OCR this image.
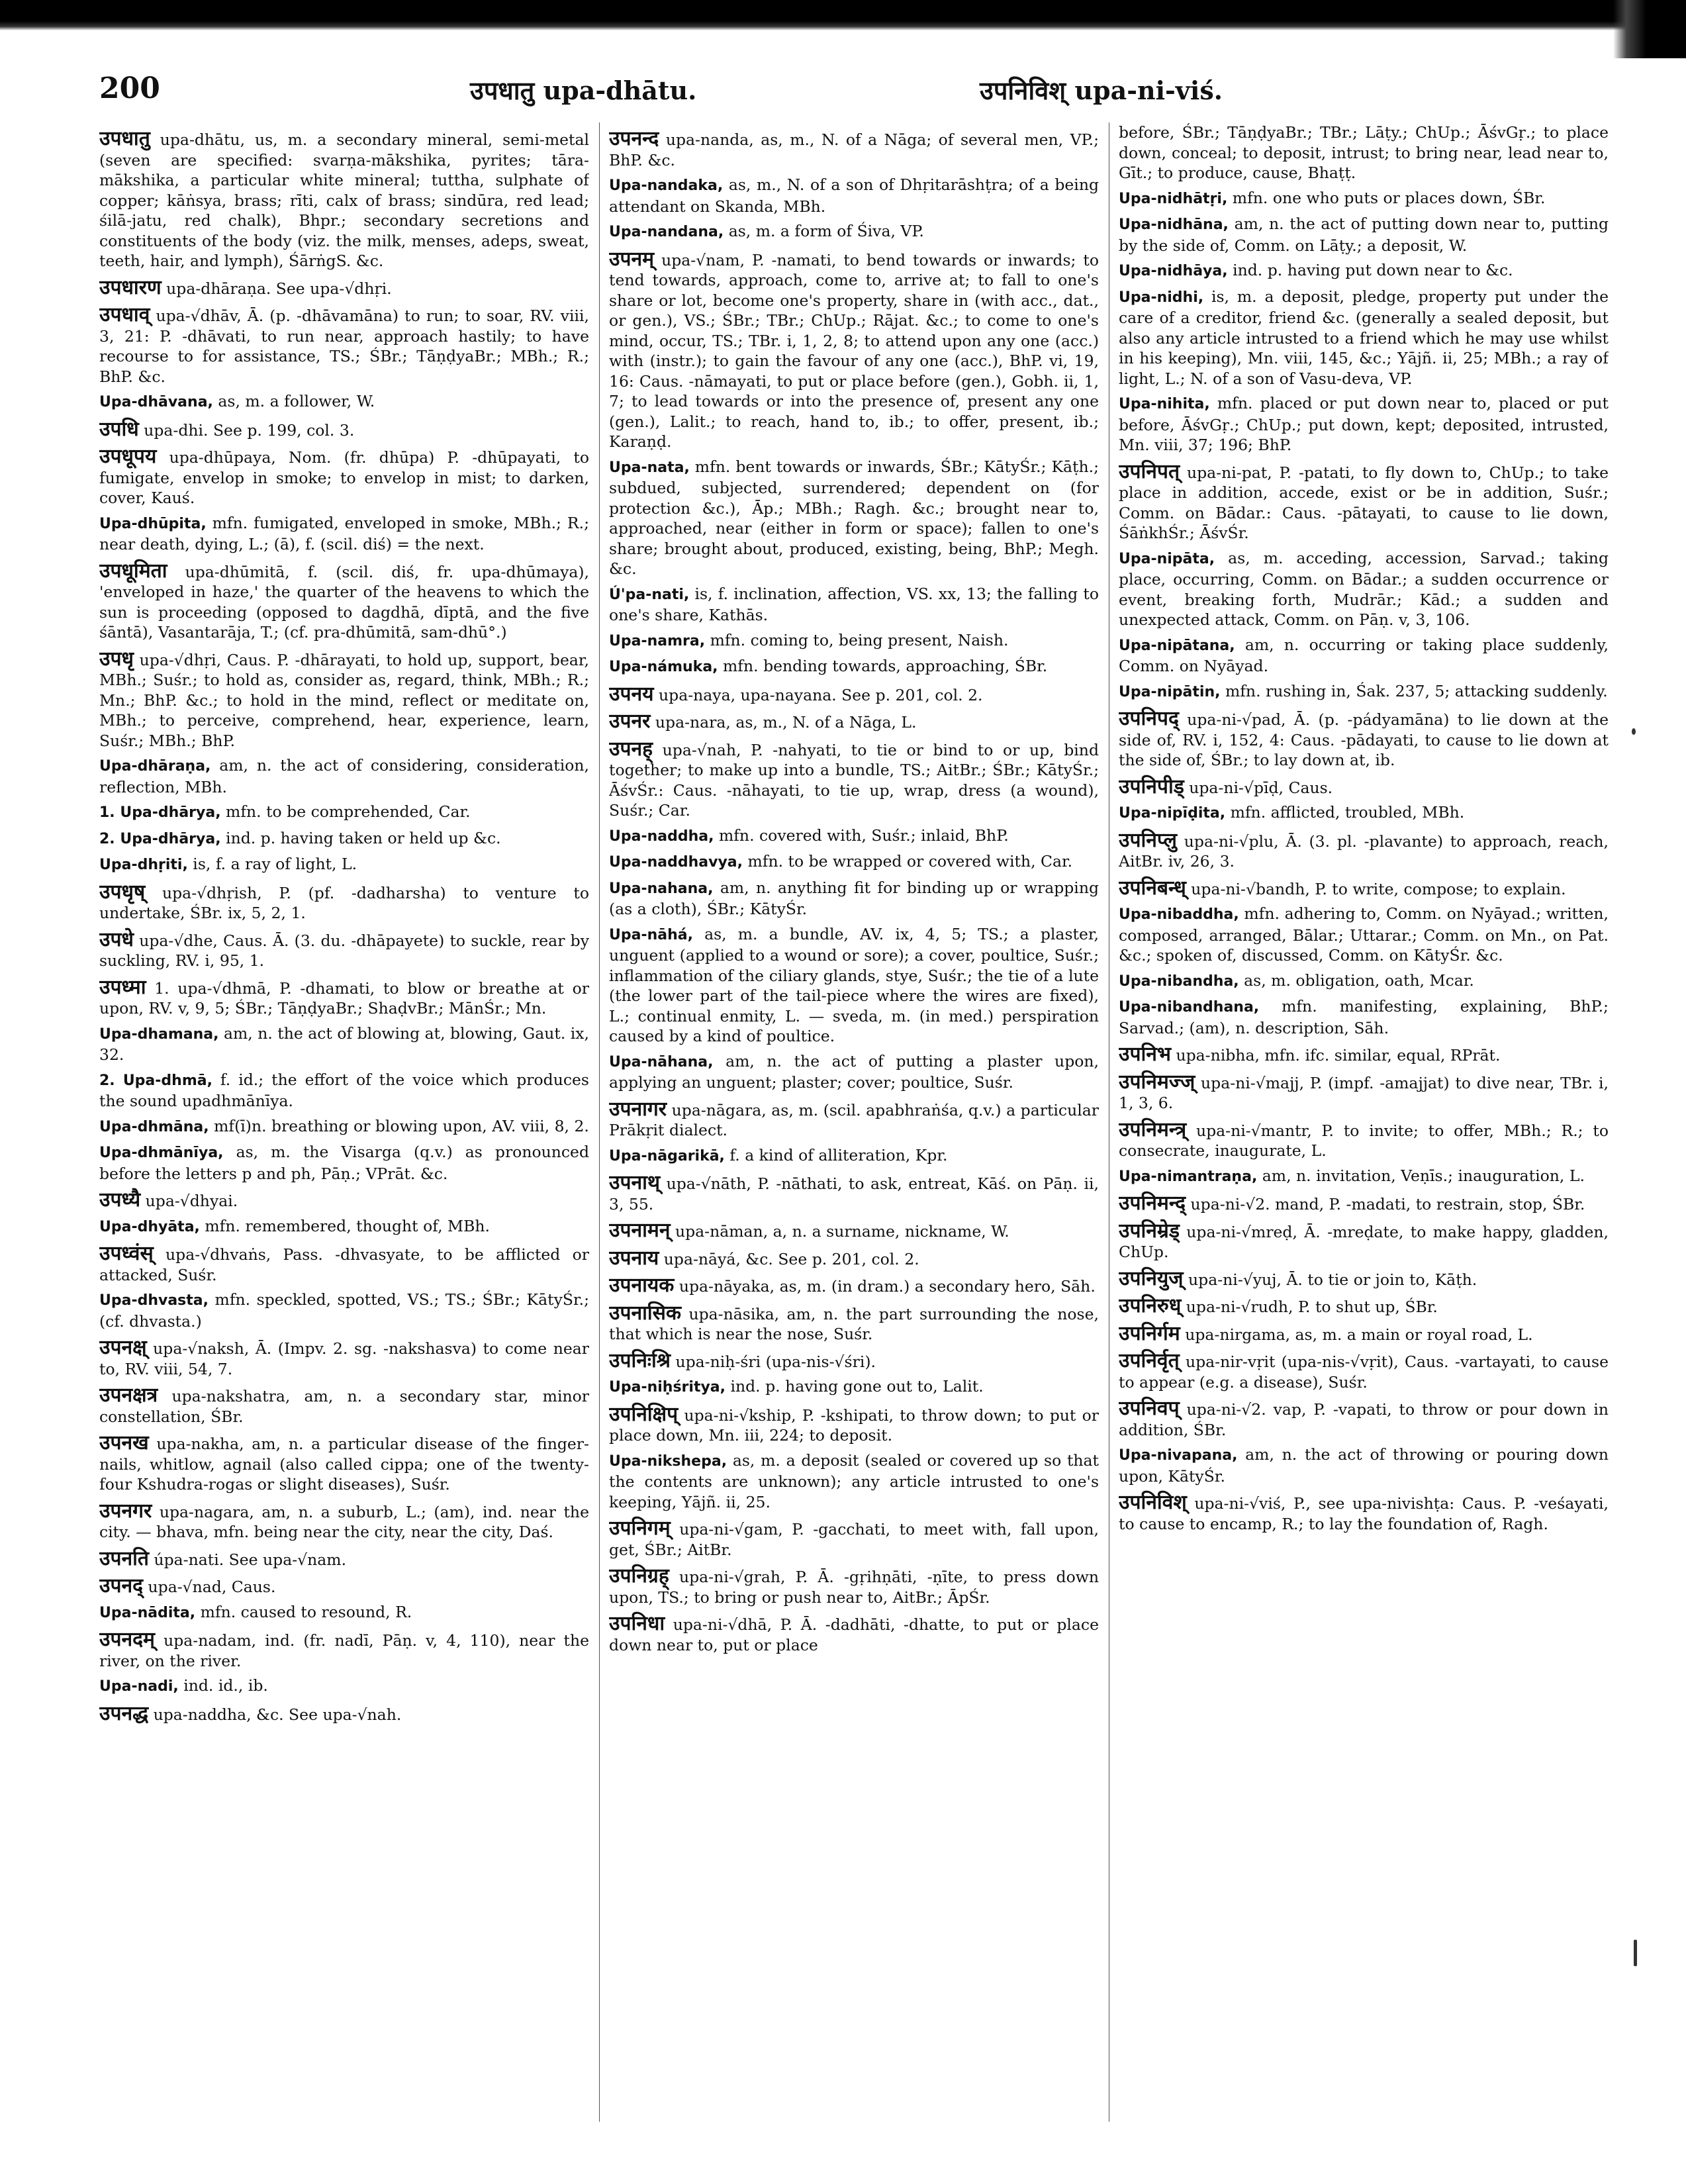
200	उपधातु upa-dhātu.	उपनिविश् upa-ni-viś.

उपधातु upa-dhātu, us, m. a secondary mineral, semi-metal (seven are specified: svarṇa-mākshika, pyrites; tāra-mākshika, a particular white mineral; tuttha, sulphate of copper; kāṅsya, brass; rīti, calx of brass; sindūra, red lead; śilā-jatu, red chalk), Bhpr.; secondary secretions and constituents of the body (viz. the milk, menses, adeps, sweat, teeth, hair, and lymph), ŚārṅgS. &c.

उपधारण upa-dhāraṇa. See upa-√dhṛi.

उपधाव् upa-√dhāv, Ā. (p. -dhāvamāna) to run; to soar, RV. viii, 3, 21: P. -dhāvati, to run near, approach hastily; to have recourse to for assistance, TS.; ŚBr.; TāṇḍyaBr.; MBh.; R.; BhP. &c.

Upa-dhāvana, as, m. a follower, W.

उपधि upa-dhi. See p. 199, col. 3.

उपधूपय upa-dhūpaya, Nom. (fr. dhūpa) P. -dhūpayati, to fumigate, envelop in smoke; to envelop in mist; to darken, cover, Kauś.

Upa-dhūpita, mfn. fumigated, enveloped in smoke, MBh.; R.; near death, dying, L.; (ā), f. (scil. diś) = the next.

उपधूमिता upa-dhūmitā, f. (scil. diś, fr. upa-dhūmaya), 'enveloped in haze,' the quarter of the heavens to which the sun is proceeding (opposed to dagdhā, dīptā, and the five śāntā), Vasantarāja, T.; (cf. pra-dhūmitā, sam-dhū°.)

उपधृ upa-√dhṛi, Caus. P. -dhārayati, to hold up, support, bear, MBh.; Suśr.; to hold as, consider as, regard, think, MBh.; R.; Mn.; BhP. &c.; to hold in the mind, reflect or meditate on, MBh.; to perceive, comprehend, hear, experience, learn, Suśr.; MBh.; BhP.

Upa-dhāraṇa, am, n. the act of considering, consideration, reflection, MBh.

1. Upa-dhārya, mfn. to be comprehended, Car.

2. Upa-dhārya, ind. p. having taken or held up &c.

Upa-dhṛiti, is, f. a ray of light, L.

उपधृष् upa-√dhṛish, P. (pf. -dadharsha) to venture to undertake, ŚBr. ix, 5, 2, 1.

उपधे upa-√dhe, Caus. Ā. (3. du. -dhāpayete) to suckle, rear by suckling, RV. i, 95, 1.

उपध्मा 1. upa-√dhmā, P. -dhamati, to blow or breathe at or upon, RV. v, 9, 5; ŚBr.; TāṇḍyaBr.; ShaḍvBr.; MānŚr.; Mn.

Upa-dhamana, am, n. the act of blowing at, blowing, Gaut. ix, 32.

2. Upa-dhmā, f. id.; the effort of the voice which produces the sound upadhmānīya.

Upa-dhmāna, mf(ī)n. breathing or blowing upon, AV. viii, 8, 2.

Upa-dhmānīya, as, m. the Visarga (q.v.) as pronounced before the letters p and ph, Pāṇ.; VPrāt. &c.

उपध्यै upa-√dhyai.

Upa-dhyāta, mfn. remembered, thought of, MBh.

उपध्वंस् upa-√dhvaṅs, Pass. -dhvasyate, to be afflicted or attacked, Suśr.

Upa-dhvasta, mfn. speckled, spotted, VS.; TS.; ŚBr.; KātyŚr.; (cf. dhvasta.)

उपनक्ष् upa-√naksh, Ā. (Impv. 2. sg. -nakshasva) to come near to, RV. viii, 54, 7.

उपनक्षत्र upa-nakshatra, am, n. a secondary star, minor constellation, ŚBr.

उपनख upa-nakha, am, n. a particular disease of the finger-nails, whitlow, agnail (also called cippa; one of the twenty-four Kshudra-rogas or slight diseases), Suśr.

उपनगर upa-nagara, am, n. a suburb, L.; (am), ind. near the city. — bhava, mfn. being near the city, near the city, Daś.

उपनति úpa-nati. See upa-√nam.

उपनद् upa-√nad, Caus.

Upa-nādita, mfn. caused to resound, R.

उपनदम् upa-nadam, ind. (fr. nadī, Pāṇ. v, 4, 110), near the river, on the river.

Upa-nadi, ind. id., ib.

उपनद्ध upa-naddha, &c. See upa-√nah.

उपनन्द upa-nanda, as, m., N. of a Nāga; of several men, VP.; BhP. &c.

Upa-nandaka, as, m., N. of a son of Dhṛitarāshṭra; of a being attendant on Skanda, MBh.

Upa-nandana, as, m. a form of Śiva, VP.

उपनम् upa-√nam, P. -namati, to bend towards or inwards; to tend towards, approach, come to, arrive at; to fall to one's share or lot, become one's property, share in (with acc., dat., or gen.), VS.; ŚBr.; TBr.; ChUp.; Rājat. &c.; to come to one's mind, occur, TS.; TBr. i, 1, 2, 8; to attend upon any one (acc.) with (instr.); to gain the favour of any one (acc.), BhP. vi, 19, 16: Caus. -nāmayati, to put or place before (gen.), Gobh. ii, 1, 7; to lead towards or into the presence of, present any one (gen.), Lalit.; to reach, hand to, ib.; to offer, present, ib.; Karaṇḍ.

Upa-nata, mfn. bent towards or inwards, ŚBr.; KātyŚr.; Kāṭh.; subdued, subjected, surrendered; dependent on (for protection &c.), Āp.; MBh.; Ragh. &c.; brought near to, approached, near (either in form or space); fallen to one's share; brought about, produced, existing, being, BhP.; Megh. &c.

Ú'pa-nati, is, f. inclination, affection, VS. xx, 13; the falling to one's share, Kathās.

Upa-namra, mfn. coming to, being present, Naish.

Upa-námuka, mfn. bending towards, approaching, ŚBr.

उपनय upa-naya, upa-nayana. See p. 201, col. 2.

उपनर upa-nara, as, m., N. of a Nāga, L.

उपनह् upa-√nah, P. -nahyati, to tie or bind to or up, bind together; to make up into a bundle, TS.; AitBr.; ŚBr.; KātyŚr.; ĀśvŚr.: Caus. -nāhayati, to tie up, wrap, dress (a wound), Suśr.; Car.

Upa-naddha, mfn. covered with, Suśr.; inlaid, BhP.

Upa-naddhavya, mfn. to be wrapped or covered with, Car.

Upa-nahana, am, n. anything fit for binding up or wrapping (as a cloth), ŚBr.; KātyŚr.

Upa-nāhá, as, m. a bundle, AV. ix, 4, 5; TS.; a plaster, unguent (applied to a wound or sore); a cover, poultice, Suśr.; inflammation of the ciliary glands, stye, Suśr.; the tie of a lute (the lower part of the tail-piece where the wires are fixed), L.; continual enmity, L. — sveda, m. (in med.) perspiration caused by a kind of poultice.

Upa-nāhana, am, n. the act of putting a plaster upon, applying an unguent; plaster; cover; poultice, Suśr.

उपनागर upa-nāgara, as, m. (scil. apabhraṅśa, q.v.) a particular Prākṛit dialect.

Upa-nāgarikā, f. a kind of alliteration, Kpr.

उपनाथ् upa-√nāth, P. -nāthati, to ask, entreat, Kāś. on Pāṇ. ii, 3, 55.

उपनामन् upa-nāman, a, n. a surname, nickname, W.

उपनाय upa-nāyá, &c. See p. 201, col. 2.

उपनायक upa-nāyaka, as, m. (in dram.) a secondary hero, Sāh.

उपनासिक upa-nāsika, am, n. the part surrounding the nose, that which is near the nose, Suśr.

उपनिःश्रि upa-niḥ-śri (upa-nis-√śri).

Upa-niḥśritya, ind. p. having gone out to, Lalit.

उपनिक्षिप् upa-ni-√kship, P. -kshipati, to throw down; to put or place down, Mn. iii, 224; to deposit.

Upa-nikshepa, as, m. a deposit (sealed or covered up so that the contents are unknown); any article intrusted to one's keeping, Yājñ. ii, 25.

उपनिगम् upa-ni-√gam, P. -gacchati, to meet with, fall upon, get, ŚBr.; AitBr.

उपनिग्रह् upa-ni-√grah, P. Ā. -gṛihṇāti, -ṇīte, to press down upon, TS.; to bring or push near to, AitBr.; ĀpŚr.

उपनिधा upa-ni-√dhā, P. Ā. -dadhāti, -dhatte, to put or place down near to, put or place

before, ŚBr.; TāṇḍyaBr.; TBr.; Lāṭy.; ChUp.; ĀśvGṛ.; to place down, conceal; to deposit, intrust; to bring near, lead near to, Gīt.; to produce, cause, Bhaṭṭ.

Upa-nidhātṛi, mfn. one who puts or places down, ŚBr.

Upa-nidhāna, am, n. the act of putting down near to, putting by the side of, Comm. on Lāṭy.; a deposit, W.

Upa-nidhāya, ind. p. having put down near to &c.

Upa-nidhi, is, m. a deposit, pledge, property put under the care of a creditor, friend &c. (generally a sealed deposit, but also any article intrusted to a friend which he may use whilst in his keeping), Mn. viii, 145, &c.; Yājñ. ii, 25; MBh.; a ray of light, L.; N. of a son of Vasu-deva, VP.

Upa-nihita, mfn. placed or put down near to, placed or put before, ĀśvGṛ.; ChUp.; put down, kept; deposited, intrusted, Mn. viii, 37; 196; BhP.

उपनिपत् upa-ni-pat, P. -patati, to fly down to, ChUp.; to take place in addition, accede, exist or be in addition, Suśr.; Comm. on Bādar.: Caus. -pātayati, to cause to lie down, ŚāṅkhŚr.; ĀśvŚr.

Upa-nipāta, as, m. acceding, accession, Sarvad.; taking place, occurring, Comm. on Bādar.; a sudden occurrence or event, breaking forth, Mudrār.; Kād.; a sudden and unexpected attack, Comm. on Pāṇ. v, 3, 106.

Upa-nipātana, am, n. occurring or taking place suddenly, Comm. on Nyāyad.

Upa-nipātin, mfn. rushing in, Śak. 237, 5; attacking suddenly.

उपनिपद् upa-ni-√pad, Ā. (p. -pádyamāna) to lie down at the side of, RV. i, 152, 4: Caus. -pādayati, to cause to lie down at the side of, ŚBr.; to lay down at, ib.

उपनिपीड् upa-ni-√pīḍ, Caus.

Upa-nipīḍita, mfn. afflicted, troubled, MBh.

उपनिप्लु upa-ni-√plu, Ā. (3. pl. -plavante) to approach, reach, AitBr. iv, 26, 3.

उपनिबन्ध् upa-ni-√bandh, P. to write, compose; to explain.

Upa-nibaddha, mfn. adhering to, Comm. on Nyāyad.; written, composed, arranged, Bālar.; Uttarar.; Comm. on Mn., on Pat. &c.; spoken of, discussed, Comm. on KātyŚr. &c.

Upa-nibandha, as, m. obligation, oath, Mcar.

Upa-nibandhana, mfn. manifesting, explaining, BhP.; Sarvad.; (am), n. description, Sāh.

उपनिभ upa-nibha, mfn. ifc. similar, equal, RPrāt.

उपनिमज्ज् upa-ni-√majj, P. (impf. -amajjat) to dive near, TBr. i, 1, 3, 6.

उपनिमन्त्र् upa-ni-√mantr, P. to invite; to offer, MBh.; R.; to consecrate, inaugurate, L.

Upa-nimantraṇa, am, n. invitation, Veṇīs.; inauguration, L.

उपनिमन्द् upa-ni-√2. mand, P. -madati, to restrain, stop, ŚBr.

उपनिम्रेड् upa-ni-√mreḍ, Ā. -mreḍate, to make happy, gladden, ChUp.

उपनियुज् upa-ni-√yuj, Ā. to tie or join to, Kāṭh.

उपनिरुध् upa-ni-√rudh, P. to shut up, ŚBr.

उपनिर्गम upa-nirgama, as, m. a main or royal road, L.

उपनिर्वृत् upa-nir-vṛit (upa-nis-√vṛit), Caus. -vartayati, to cause to appear (e.g. a disease), Suśr.

उपनिवप् upa-ni-√2. vap, P. -vapati, to throw or pour down in addition, ŚBr.

Upa-nivapana, am, n. the act of throwing or pouring down upon, KātyŚr.

उपनिविश् upa-ni-√viś, P., see upa-nivishṭa: Caus. P. -veśayati, to cause to encamp, R.; to lay the foundation of, Ragh.
